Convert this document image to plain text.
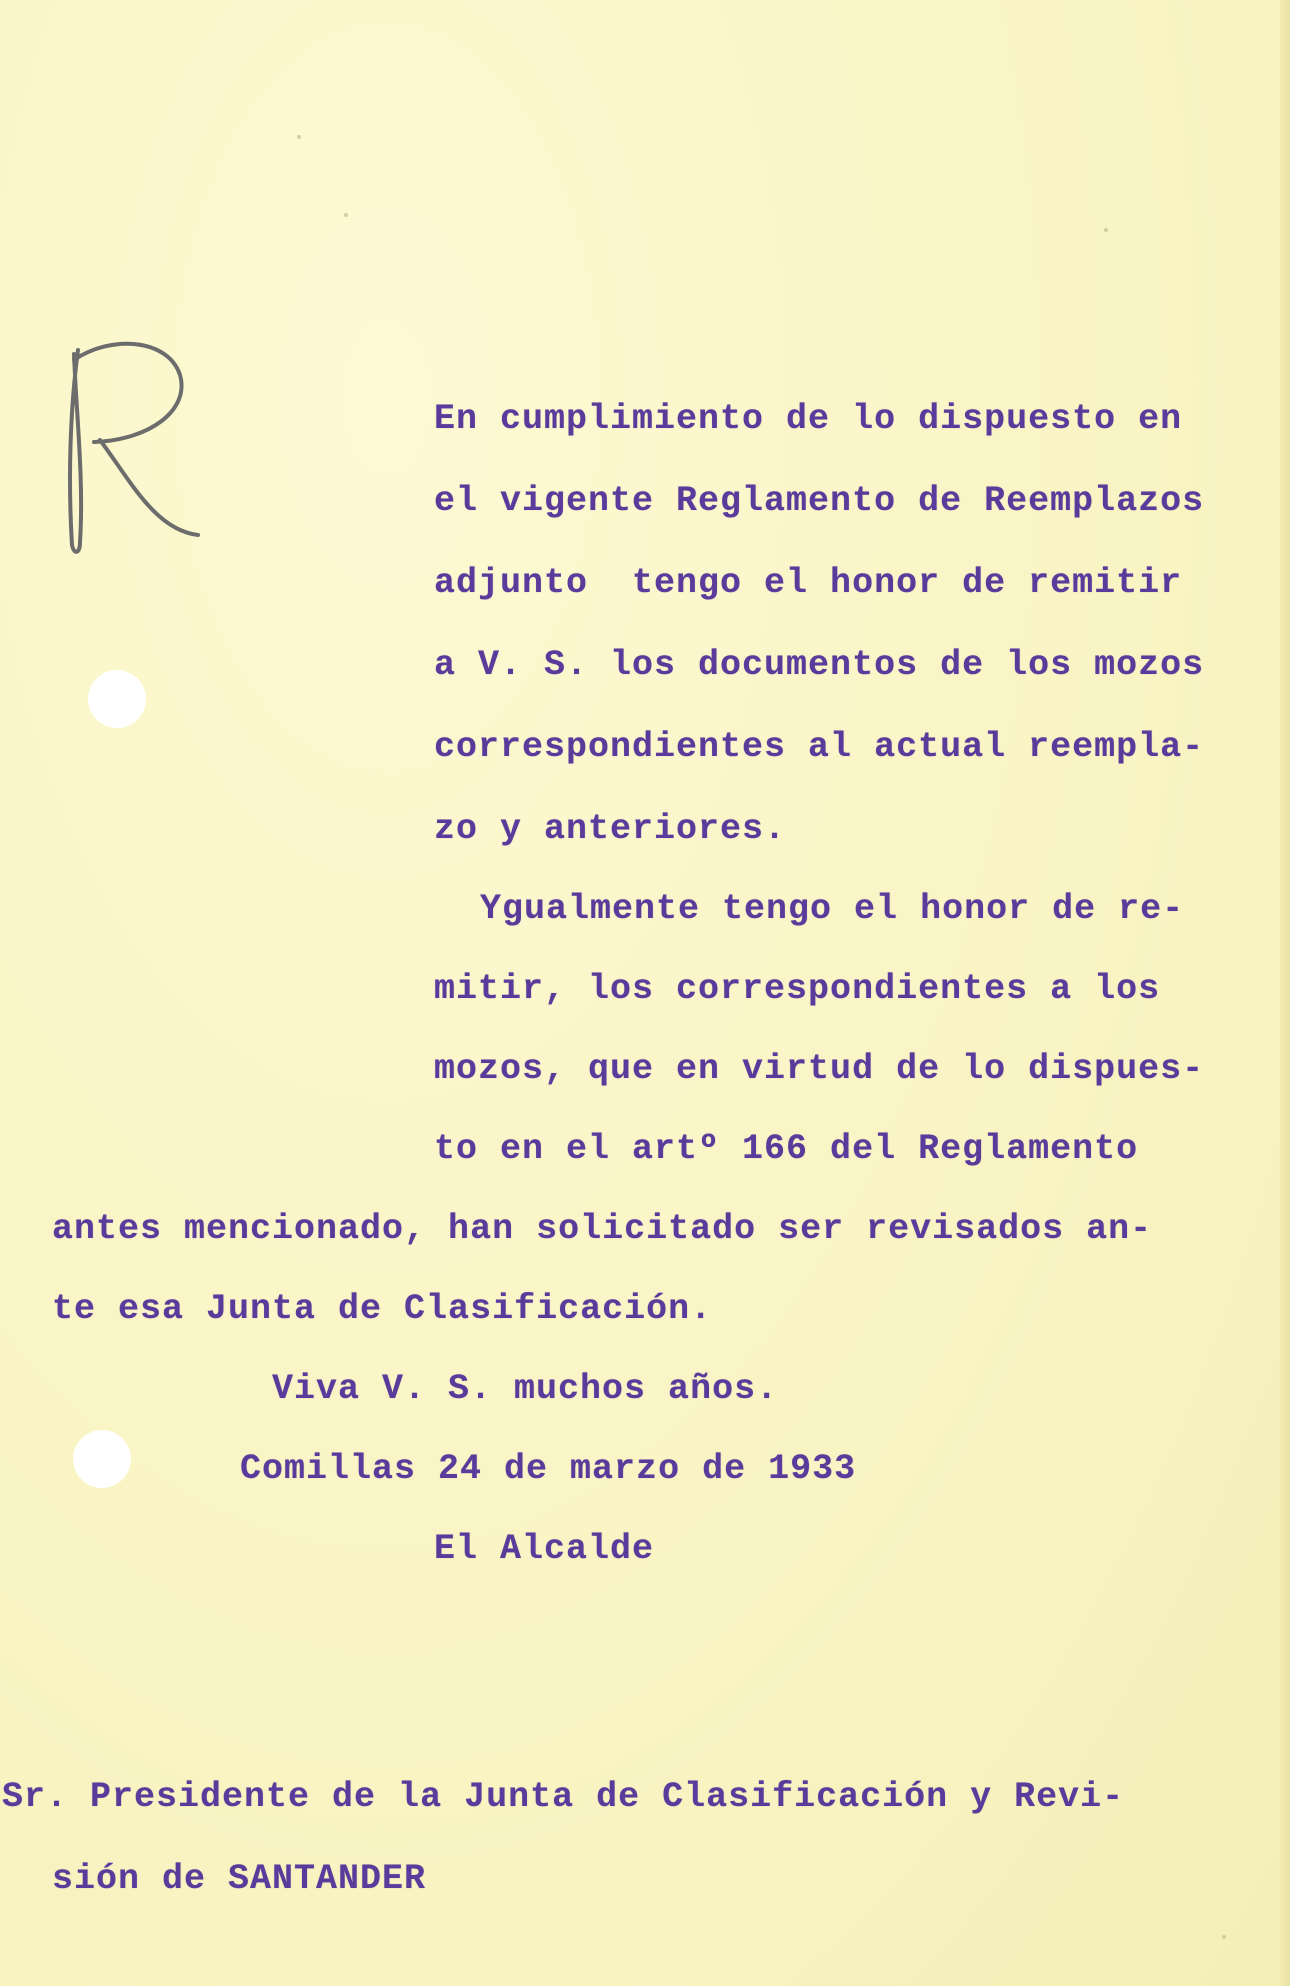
En cumplimiento de lo dispuesto en
el vigente Reglamento de Reemplazos
adjunto  tengo el honor de remitir
a V. S. los documentos de los mozos
correspondientes al actual reempla-
zo y anteriores.
Ygualmente tengo el honor de re-
mitir, los correspondientes a los
mozos, que en virtud de lo dispues-
to en el artº 166 del Reglamento
antes mencionado, han solicitado ser revisados an-
te esa Junta de Clasificación.
Viva V. S. muchos años.
Comillas 24 de marzo de 1933
El Alcalde
Sr. Presidente de la Junta de Clasificación y Revi-
sión de SANTANDER
